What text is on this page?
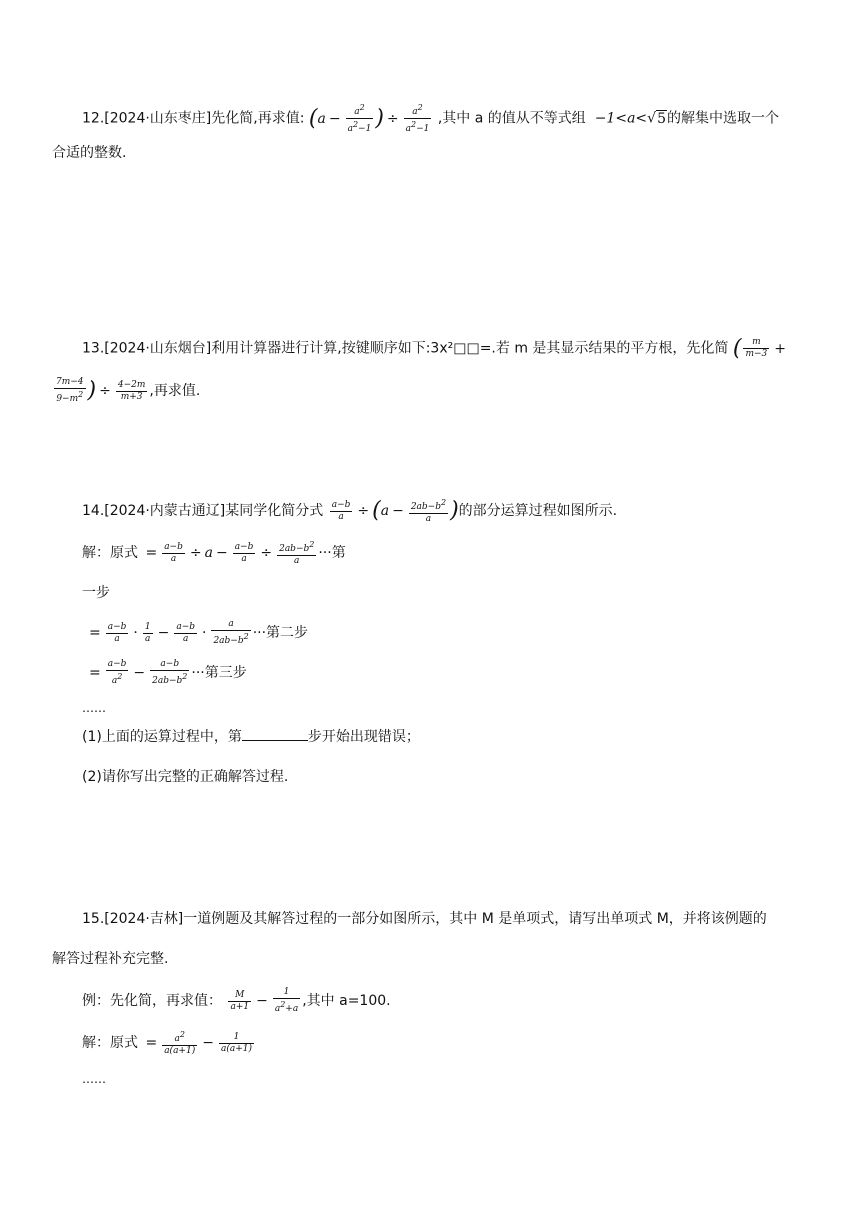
12.[2024·山东枣庄]先化简,再求值: ($a - \frac{a^2}{a^2-1}$ ) ÷ $\frac{a^2}{a^2-1}$ ,其中 a 的值从不等式组  −1<a<√5的解集中选取一个
合适的整数.
13.[2024·山东烟台]利用计算器进行计算,按键顺序如下:3x²□□=.若 m 是其显示结果的平方根，先化简 ( $\frac{m}{m-3}$ +
$\frac{7m-4}{9-m^2}$ ) ÷ $\frac{4-2m}{m+3}$ ,再求值.
14.[2024·内蒙古通辽]某同学化简分式 $\frac{a-b}{a} \div (a - \frac{2ab-b^2}{a}$ )的部分运算过程如图所示.
解：原式 = $\frac{a-b}{a} \div a - \frac{a-b}{a} \div \frac{2ab-b^2}{a}$ ···第
一步
= $\frac{a-b}{a} \cdot \frac{1}{a} - \frac{a-b}{a} \cdot \frac{a}{2ab-b^2}$ ···第二步
= $\frac{a-b}{a^2} - \frac{a-b}{2ab-b^2}$ ···第三步
……
(1)上面的运算过程中，第	步开始出现错误；
(2)请你写出完整的正确解答过程.
15.[2024·吉林]一道例题及其解答过程的一部分如图所示，其中 M 是单项式，请写出单项式 M，并将该例题的
解答过程补充完整.
例：先化简，再求值： $\frac{M}{a+1} - \frac{1}{a^2+a}$ ,其中 a=100.
解：原式 = $\frac{a^2}{a(a+1)} - \frac{1}{a(a+1)}$
……
